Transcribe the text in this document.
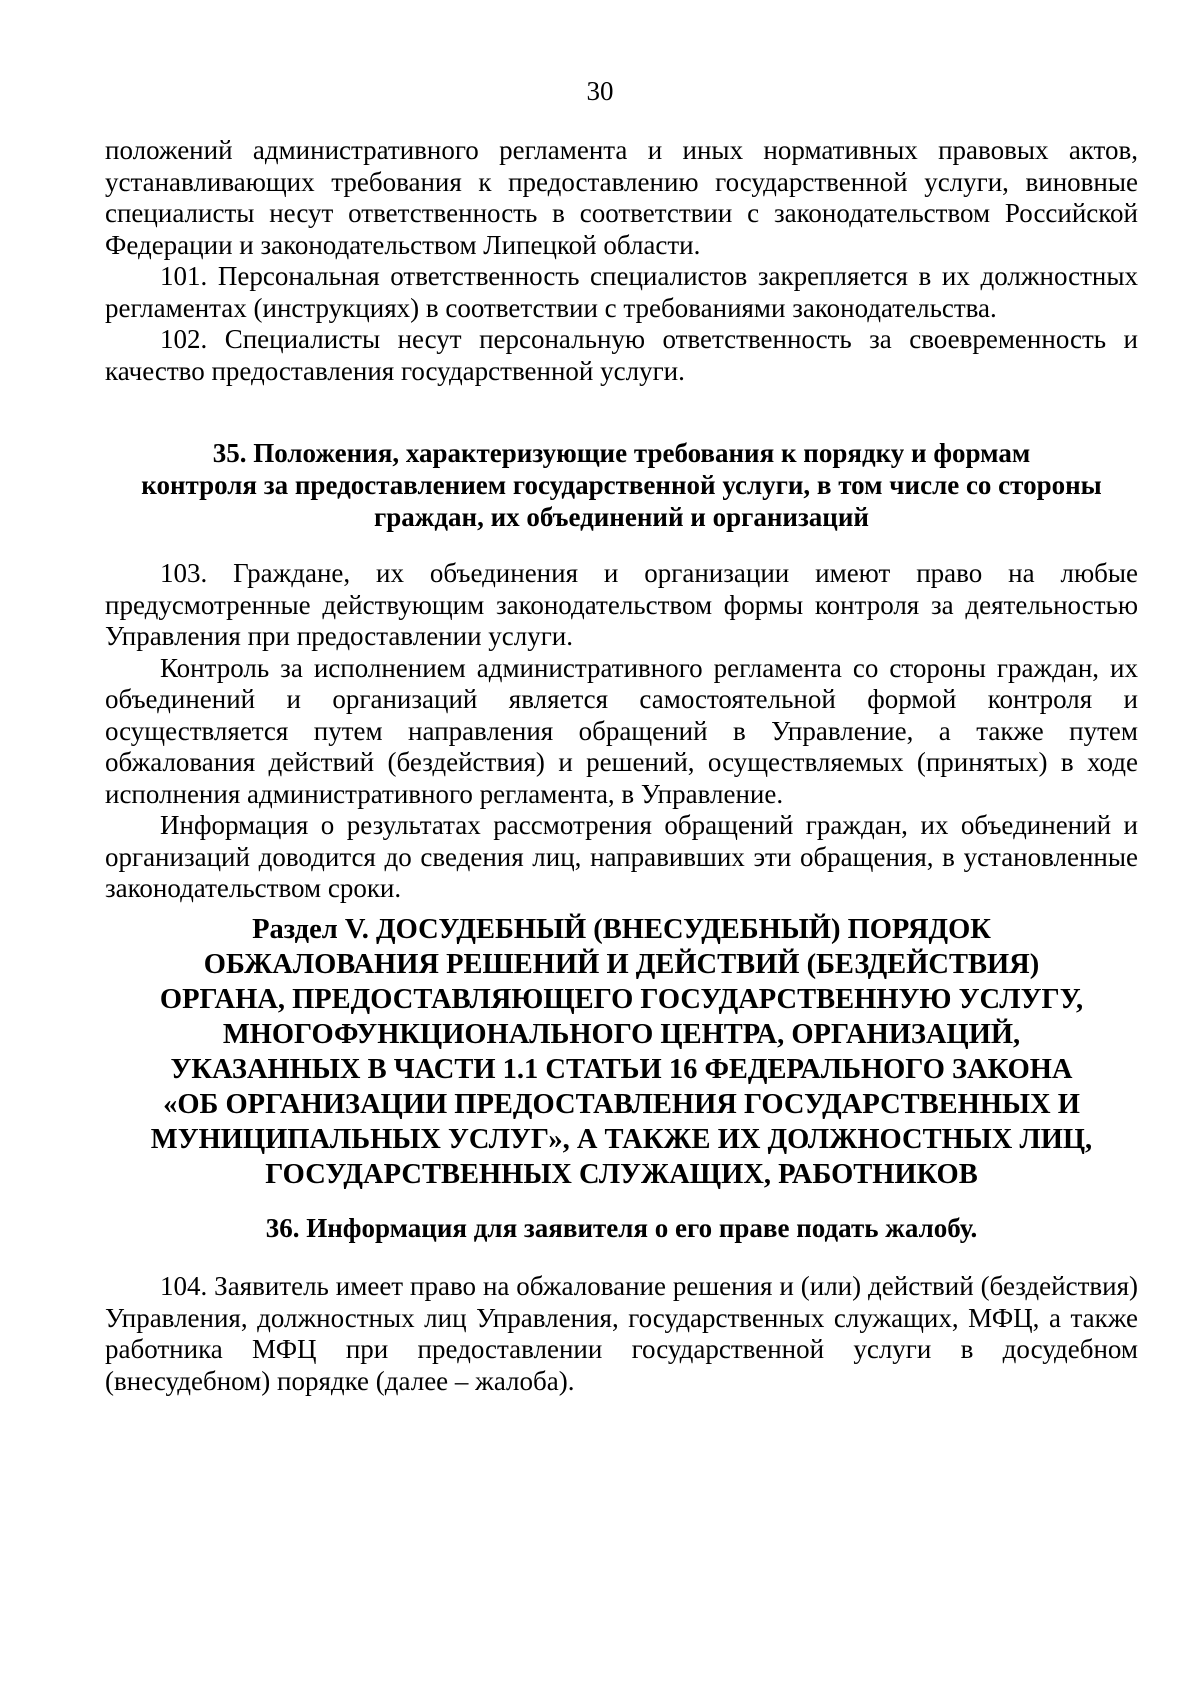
30

положений административного регламента и иных нормативных правовых актов, устанавливающих требования к предоставлению государственной услуги, виновные специалисты несут ответственность в соответствии с законодательством Российской Федерации и законодательством Липецкой области.

101. Персональная ответственность специалистов закрепляется в их должностных регламентах (инструкциях) в соответствии с требованиями законодательства.

102. Специалисты несут персональную ответственность за своевременность и качество предоставления государственной услуги.

35. Положения, характеризующие требования к порядку и формам
контроля за предоставлением государственной услуги, в том числе со стороны
граждан, их объединений и организаций

103. Граждане, их объединения и организации имеют право на любые предусмотренные действующим законодательством формы контроля за деятельностью Управления при предоставлении услуги.

Контроль за исполнением административного регламента со стороны граждан, их объединений и организаций является самостоятельной формой контроля и осуществляется путем направления обращений в Управление, а также путем обжалования действий (бездействия) и решений, осуществляемых (принятых) в ходе исполнения административного регламента, в Управление.

Информация о результатах рассмотрения обращений граждан, их объединений и организаций доводится до сведения лиц, направивших эти обращения, в установленные законодательством сроки.

Раздел V. ДОСУДЕБНЫЙ (ВНЕСУДЕБНЫЙ) ПОРЯДОК
ОБЖАЛОВАНИЯ РЕШЕНИЙ И ДЕЙСТВИЙ (БЕЗДЕЙСТВИЯ)
ОРГАНА, ПРЕДОСТАВЛЯЮЩЕГО ГОСУДАРСТВЕННУЮ УСЛУГУ,
МНОГОФУНКЦИОНАЛЬНОГО ЦЕНТРА, ОРГАНИЗАЦИЙ,
УКАЗАННЫХ В ЧАСТИ 1.1 СТАТЬИ 16 ФЕДЕРАЛЬНОГО ЗАКОНА
«ОБ ОРГАНИЗАЦИИ ПРЕДОСТАВЛЕНИЯ ГОСУДАРСТВЕННЫХ И
МУНИЦИПАЛЬНЫХ УСЛУГ», А ТАКЖЕ ИХ ДОЛЖНОСТНЫХ ЛИЦ,
ГОСУДАРСТВЕННЫХ СЛУЖАЩИХ, РАБОТНИКОВ
36. Информация для заявителя о его праве подать жалобу.

104. Заявитель имеет право на обжалование решения и (или) действий (бездействия) Управления, должностных лиц Управления, государственных служащих, МФЦ, а также работника МФЦ при предоставлении государственной услуги в досудебном (внесудебном) порядке (далее – жалоба).
